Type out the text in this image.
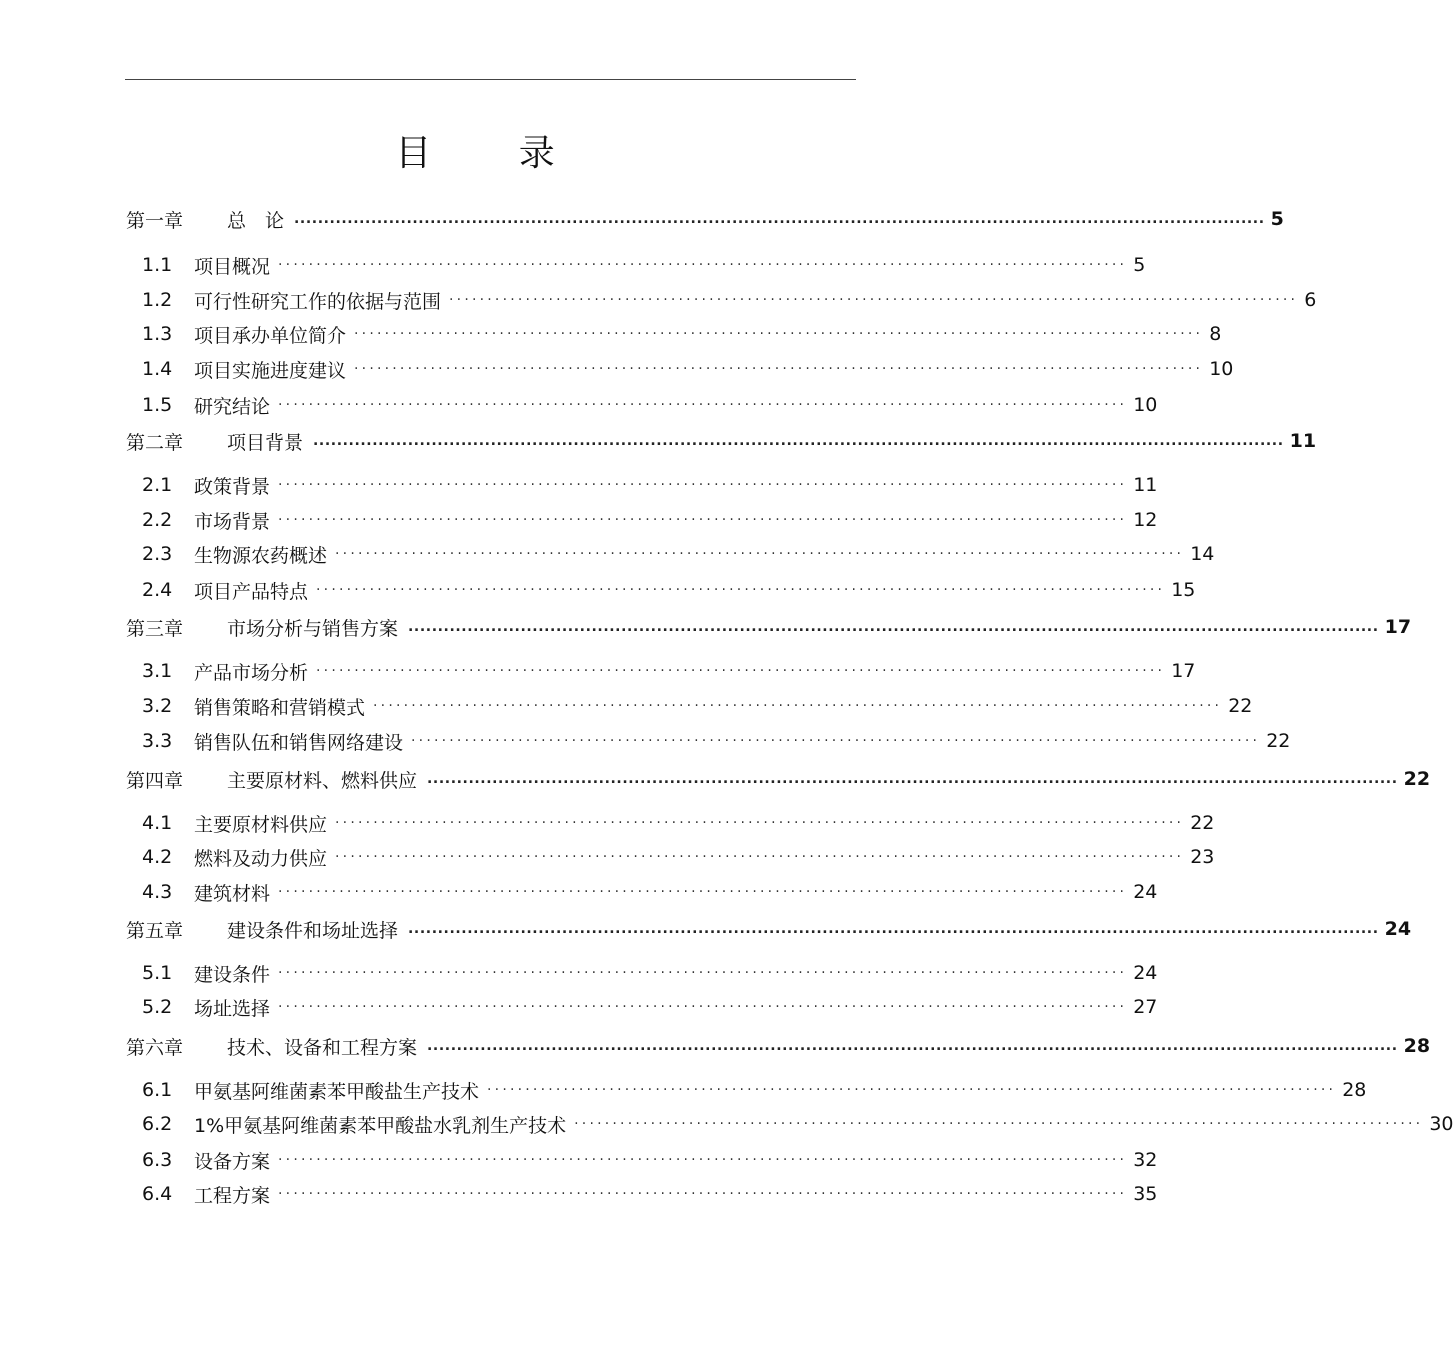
目 录
第一章	总　论 .................................................................................................................................................................... 5
1.1	项目概况 ··············································································································· 5
1.2	可行性研究工作的依据与范围 ··············································································································· 6
1.3	项目承办单位简介 ··············································································································· 8
1.4	项目实施进度建议 ··············································································································· 10
1.5	研究结论 ··············································································································· 10
第二章	项目背景 .................................................................................................................................................................... 11
2.1	政策背景 ··············································································································· 11
2.2	市场背景 ··············································································································· 12
2.3	生物源农药概述 ··············································································································· 14
2.4	项目产品特点 ··············································································································· 15
第三章	市场分析与销售方案 .................................................................................................................................................................... 17
3.1	产品市场分析 ··············································································································· 17
3.2	销售策略和营销模式 ··············································································································· 22
3.3	销售队伍和销售网络建设 ··············································································································· 22
第四章	主要原材料、燃料供应 .................................................................................................................................................................... 22
4.1	主要原材料供应 ··············································································································· 22
4.2	燃料及动力供应 ··············································································································· 23
4.3	建筑材料 ··············································································································· 24
第五章	建设条件和场址选择 .................................................................................................................................................................... 24
5.1	建设条件 ··············································································································· 24
5.2	场址选择 ··············································································································· 27
第六章	技术、设备和工程方案 .................................................................................................................................................................... 28
6.1	甲氨基阿维菌素苯甲酸盐生产技术 ··············································································································· 28
6.2	1%甲氨基阿维菌素苯甲酸盐水乳剂生产技术 ··············································································································· 30
6.3	设备方案 ··············································································································· 32
6.4	工程方案 ··············································································································· 35
